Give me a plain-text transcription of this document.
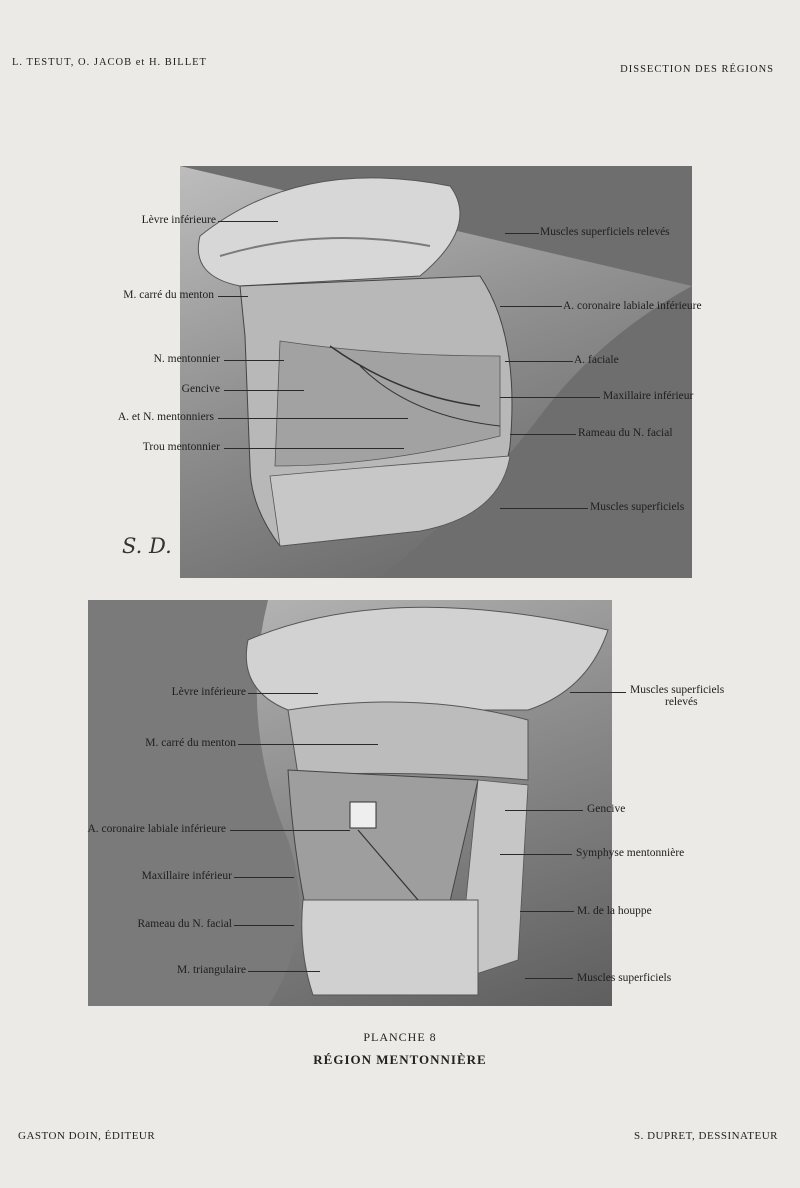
L. TESTUT, O. JACOB et H. BILLET
DISSECTION DES RÉGIONS
Lèvre inférieure
M. carré du menton
N. mentonnier
Gencive
A. et N. mentonniers
Trou mentonnier
Muscles superficiels relevés
A. coronaire labiale inférieure
A. faciale
Maxillaire inférieur
Rameau du N. facial
Muscles superficiels
S. D.
Lèvre inférieure
M. carré du menton
A. coronaire labiale inférieure
Maxillaire inférieur
Rameau du N. facial
M. triangulaire
Muscles superficiels
relevés
Gencive
Symphyse mentonnière
M. de la houppe
Muscles superficiels
PLANCHE 8
RÉGION MENTONNIÈRE
GASTON DOIN, ÉDITEUR	S. DUPRET, DESSINATEUR
